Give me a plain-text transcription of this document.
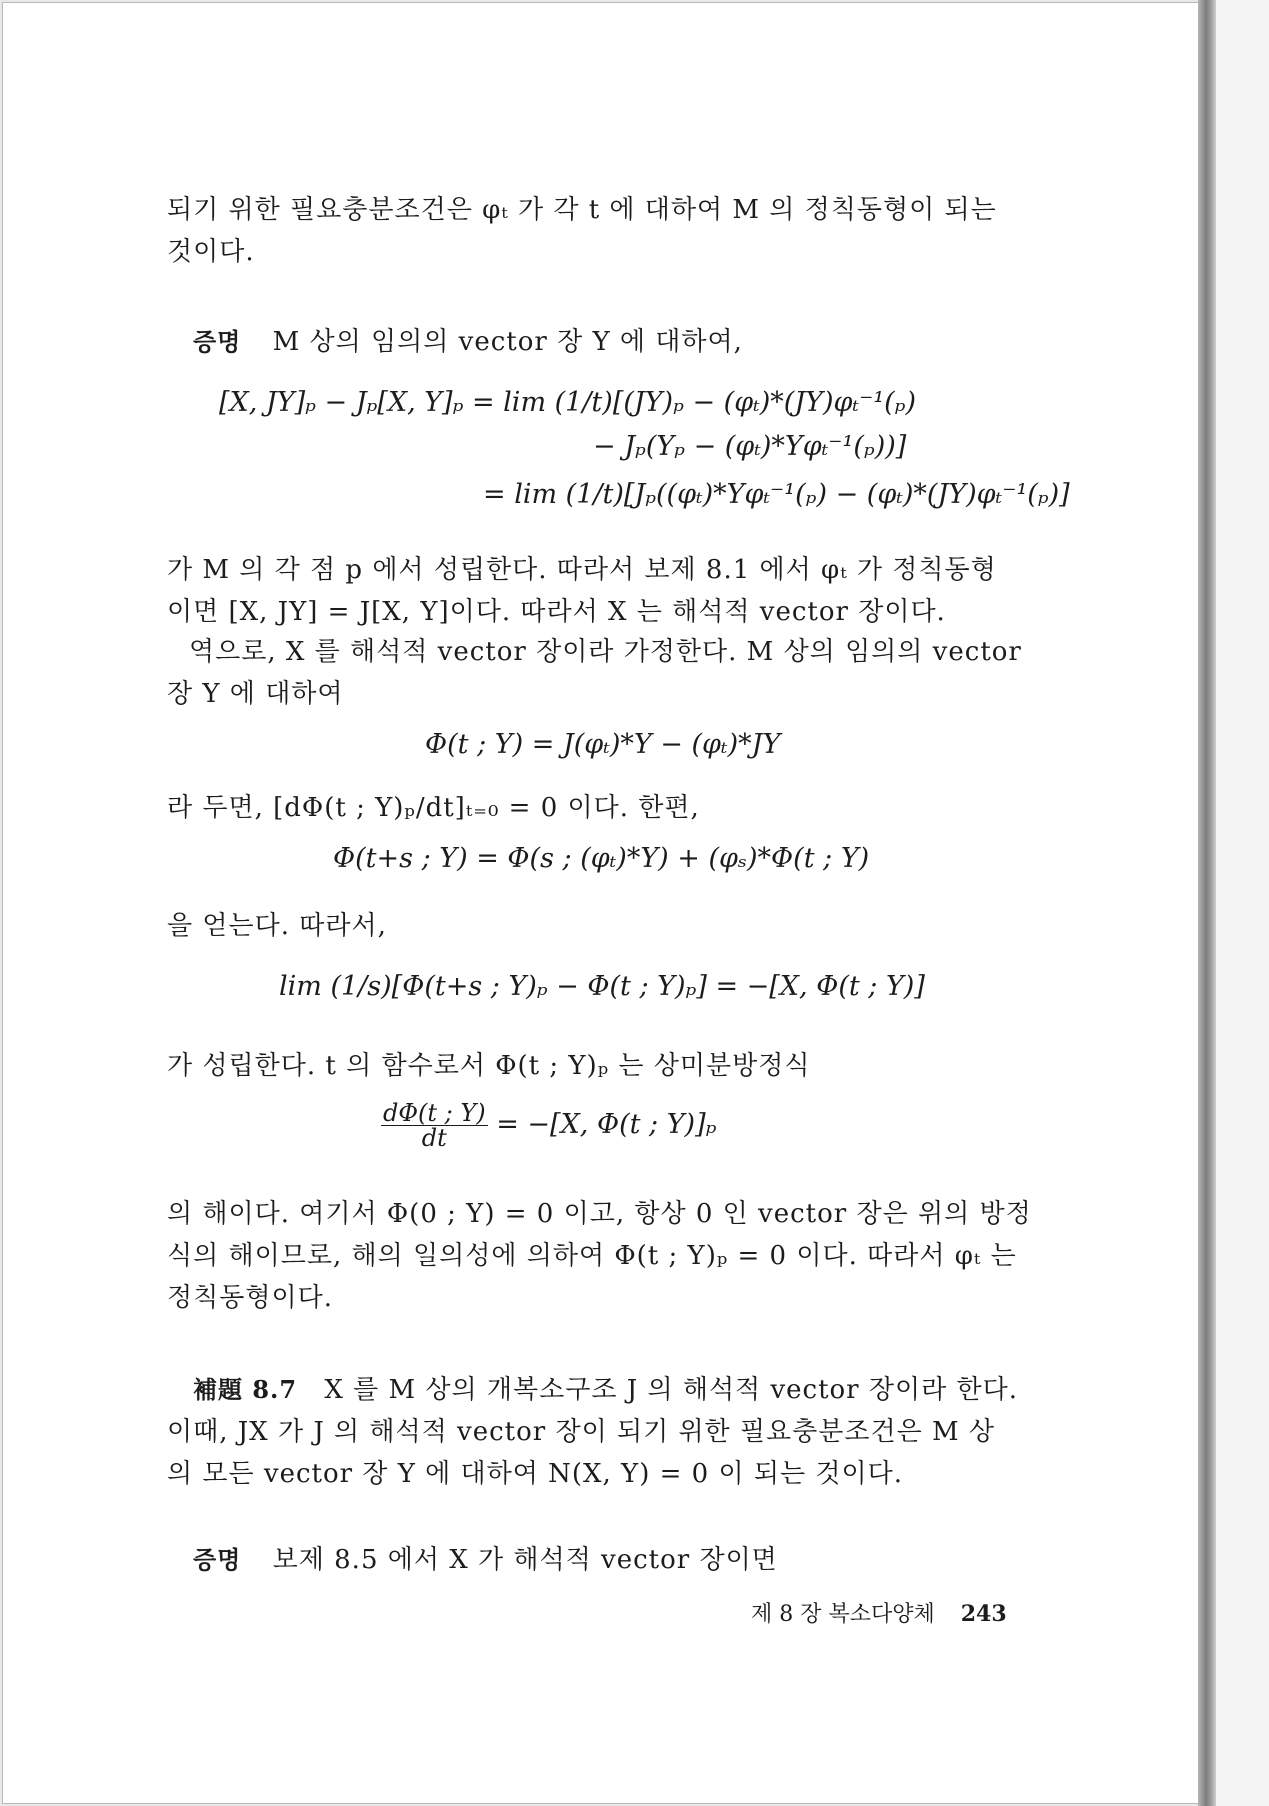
되기 위한 필요충분조건은 φₜ 가 각 t 에 대하여 M 의 정칙동형이 되는
것이다.
증명 M 상의 임의의 vector 장 Y 에 대하여,
[X, JY]ₚ − Jₚ[X, Y]ₚ = lim (1/t)[(JY)ₚ − (φₜ)*(JY)φₜ⁻¹(ₚ)
− Jₚ(Yₚ − (φₜ)*Yφₜ⁻¹(ₚ))]
= lim (1/t)[Jₚ((φₜ)*Yφₜ⁻¹(ₚ) − (φₜ)*(JY)φₜ⁻¹(ₚ)]
가 M 의 각 점 p 에서 성립한다. 따라서 보제 8.1 에서 φₜ 가 정칙동형
이면 [X, JY] = J[X, Y]이다. 따라서 X 는 해석적 vector 장이다.
역으로, X 를 해석적 vector 장이라 가정한다. M 상의 임의의 vector
장 Y 에 대하여
Φ(t ; Y) = J(φₜ)*Y − (φₜ)*JY
라 두면, [dΦ(t ; Y)ₚ/dt]ₜ₌₀ = 0 이다. 한편,
Φ(t+s ; Y) = Φ(s ; (φₜ)*Y) + (φₛ)*Φ(t ; Y)
을 얻는다. 따라서,
lim (1/s)[Φ(t+s ; Y)ₚ − Φ(t ; Y)ₚ] = −[X, Φ(t ; Y)]
가 성립한다. t 의 함수로서 Φ(t ; Y)ₚ 는 상미분방정식
$\frac{d\Phi(t ; Y)}{dt} = -[X$, Φ(t ; Y)]ₚ
의 해이다. 여기서 Φ(0 ; Y) = 0 이고, 항상 0 인 vector 장은 위의 방정
식의 해이므로, 해의 일의성에 의하여 Φ(t ; Y)ₚ = 0 이다. 따라서 φₜ 는
정칙동형이다.
補題 8.7 X 를 M 상의 개복소구조 J 의 해석적 vector 장이라 한다.
이때, JX 가 J 의 해석적 vector 장이 되기 위한 필요충분조건은 M 상
의 모든 vector 장 Y 에 대하여 N(X, Y) = 0 이 되는 것이다.
증명 보제 8.5 에서 X 가 해석적 vector 장이면
제 8 장 복소다양체 243
